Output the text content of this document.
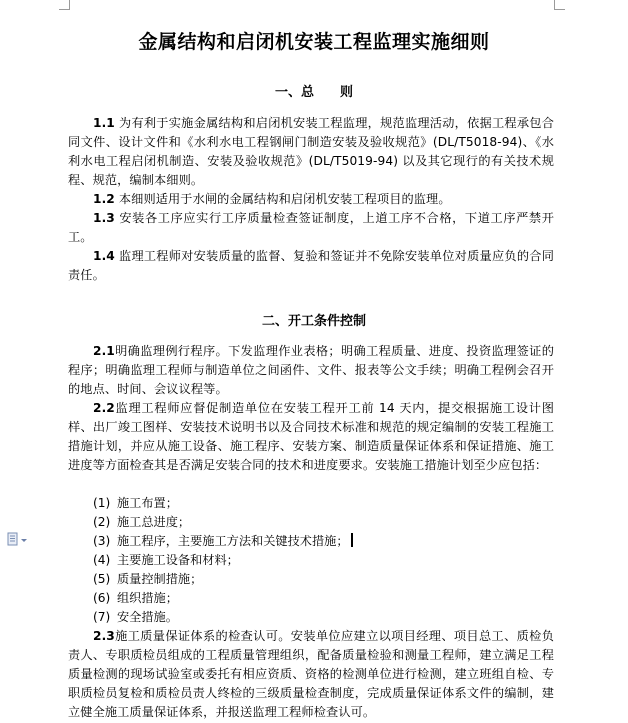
金属结构和启闭机安装工程监理实施细则
一、总　　则
1.1 为有利于实施金属结构和启闭机安装工程监理，规范监理活动，依据工程承包合同文件、设计文件和《水利水电工程钢闸门制造安装及验收规范》(DL/T5018-94)、《水利水电工程启闭机制造、安装及验收规范》(DL/T5019-94) 以及其它现行的有关技术规程、规范，编制本细则。
1.2 本细则适用于水闸的金属结构和启闭机安装工程项目的监理。
1.3 安装各工序应实行工序质量检查签证制度，上道工序不合格，下道工序严禁开工。
1.4 监理工程师对安装质量的监督、复验和签证并不免除安装单位对质量应负的合同责任。
二、开工条件控制
2.1明确监理例行程序。下发监理作业表格；明确工程质量、进度、投资监理签证的程序；明确监理工程师与制造单位之间函件、文件、报表等公文手续；明确工程例会召开的地点、时间、会议议程等。
2.2监理工程师应督促制造单位在安装工程开工前 14 天内，提交根据施工设计图样、出厂竣工图样、安装技术说明书以及合同技术标准和规范的规定编制的安装工程施工措施计划，并应从施工设备、施工程序、安装方案、制造质量保证体系和保证措施、施工进度等方面检查其是否满足安装合同的技术和进度要求。安装施工措施计划至少应包括：
(1) 施工布置；
(2) 施工总进度；
(3) 施工程序，主要施工方法和关键技术措施；
(4) 主要施工设备和材料；
(5) 质量控制措施；
(6) 组织措施；
(7) 安全措施。
2.3施工质量保证体系的检查认可。安装单位应建立以项目经理、项目总工、质检负责人、专职质检员组成的工程质量管理组织，配备质量检验和测量工程师，建立满足工程质量检测的现场试验室或委托有相应资质、资格的检测单位进行检测，建立班组自检、专职质检员复检和质检员责人终检的三级质量检查制度，完成质量保证体系文件的编制，建立健全施工质量保证体系，并报送监理工程师检查认可。
